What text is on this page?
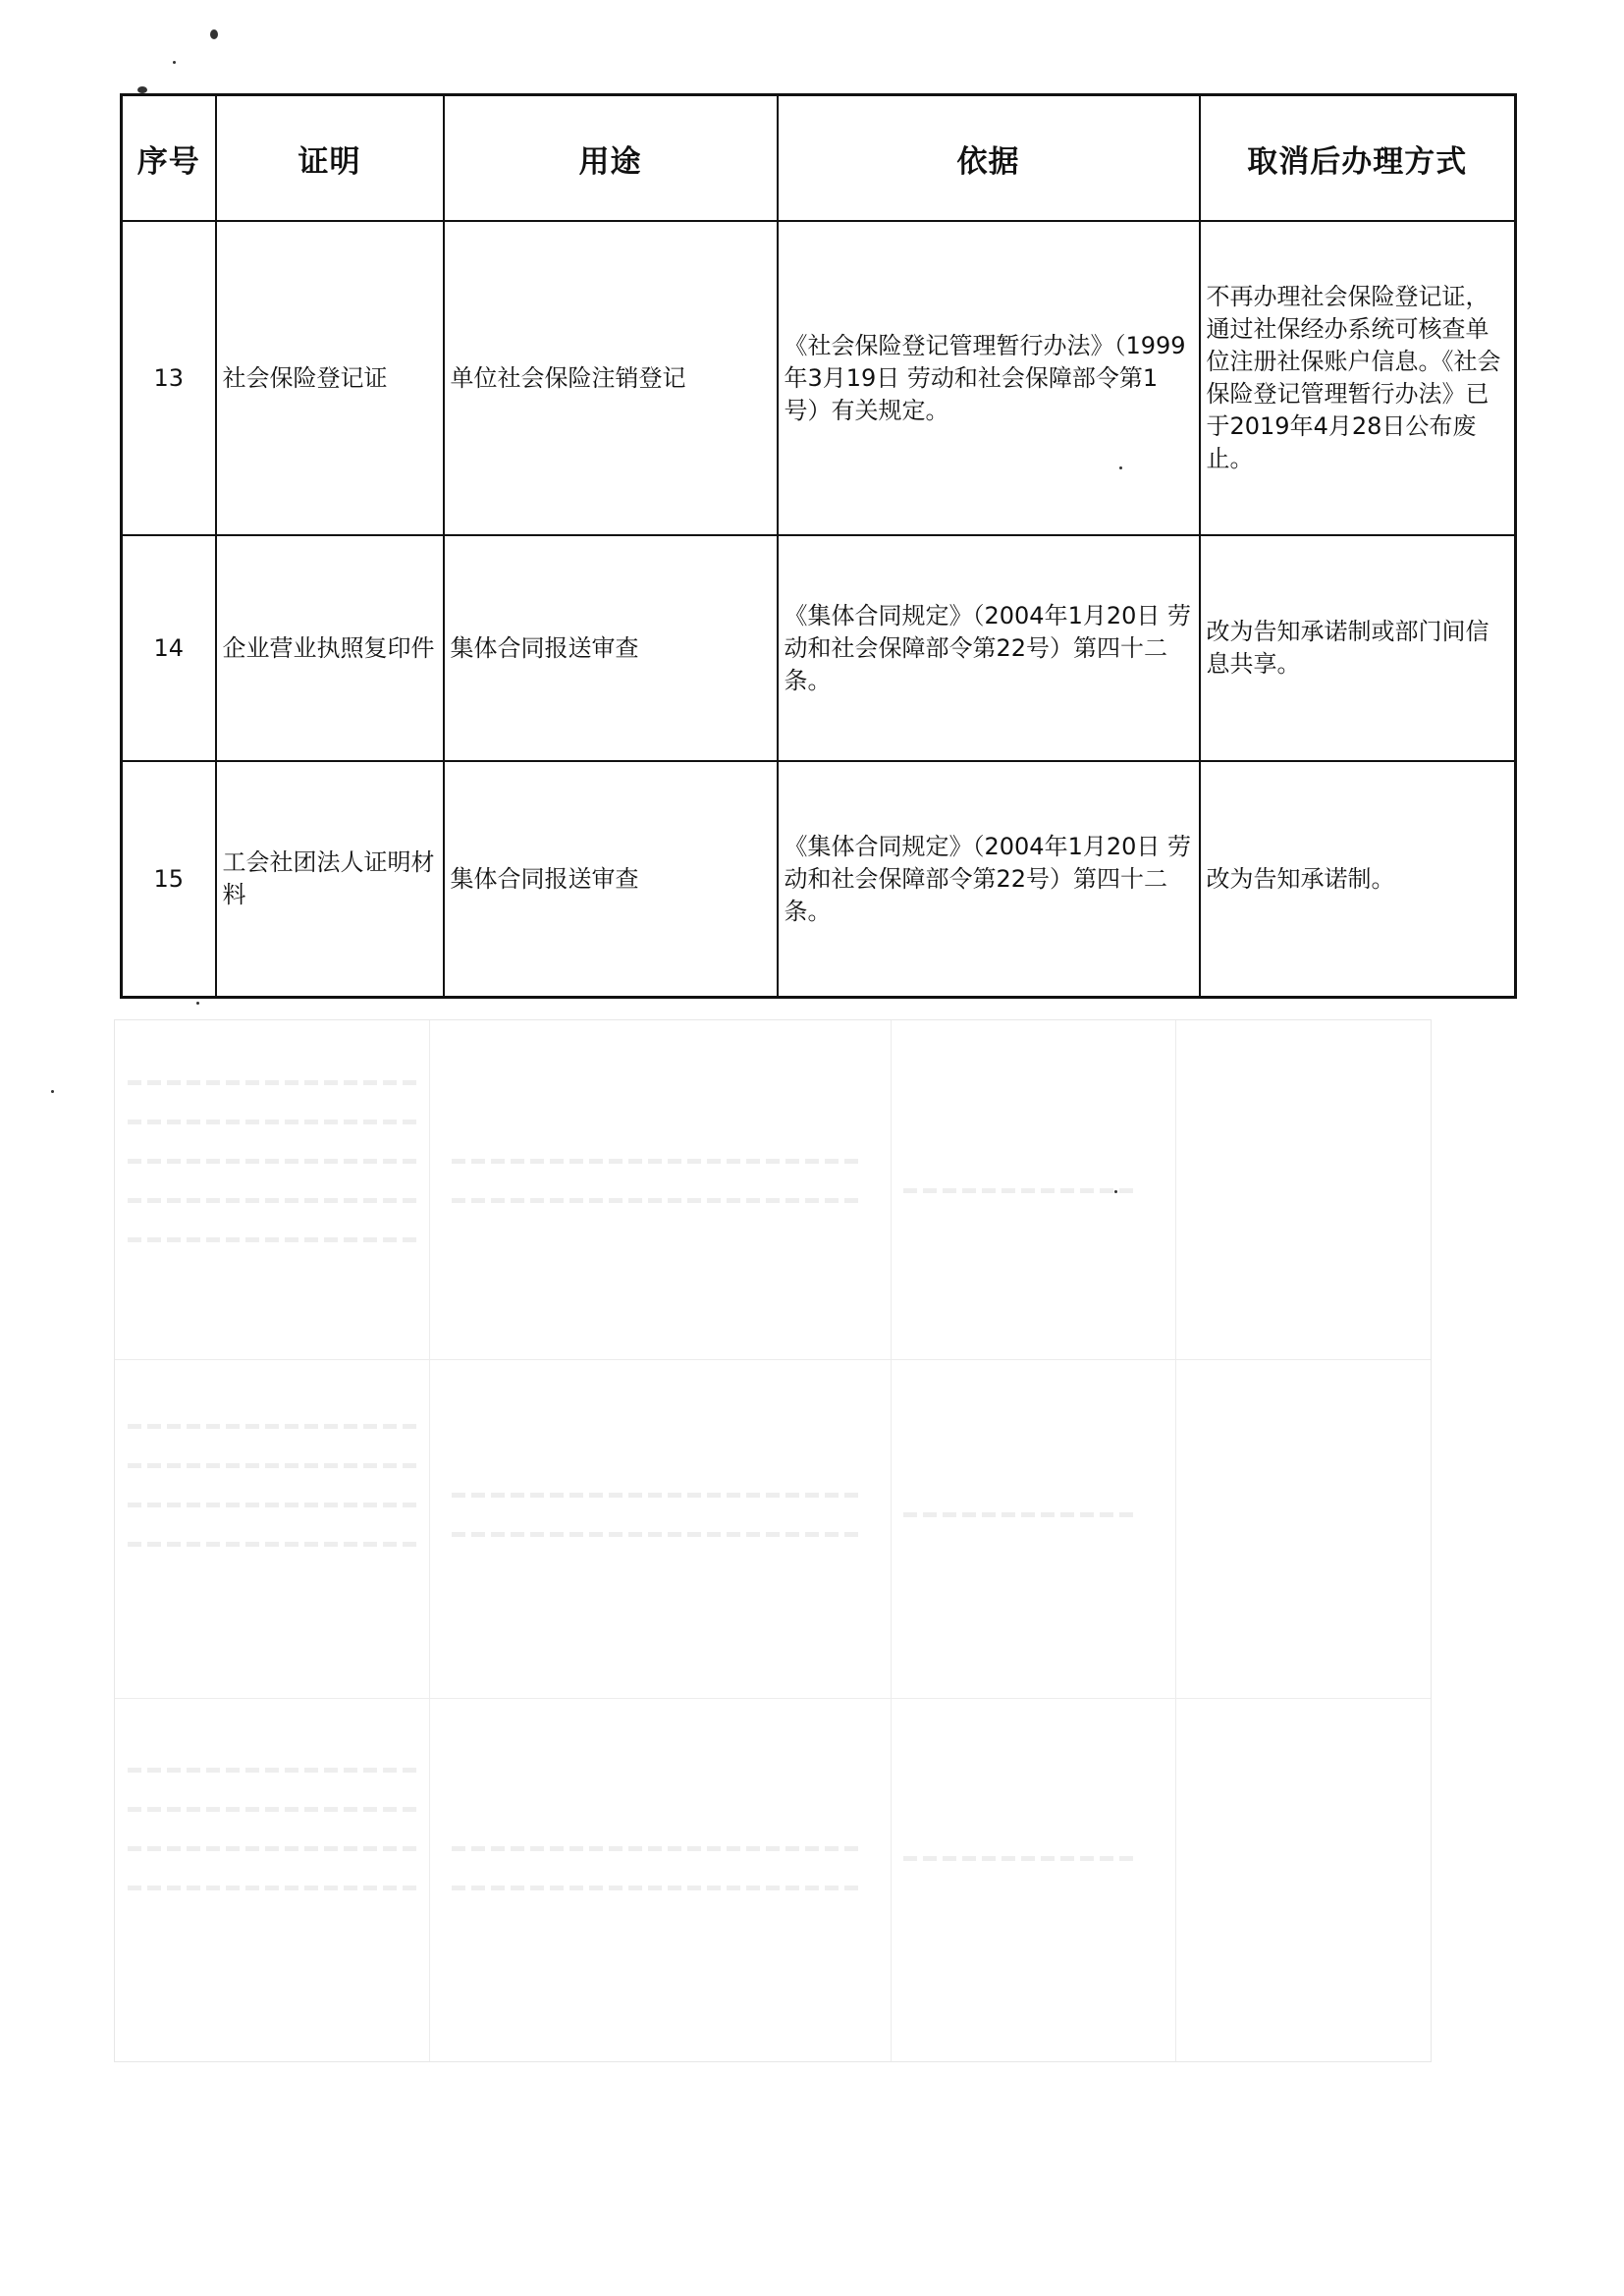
序号	证明	用途	依据	取消后办理方式
13	社会保险登记证	单位社会保险注销登记	《社会保险登记管理暂行办法》（1999年3月19日 劳动和社会保障部令第1号）有关规定。	不再办理社会保险登记证，通过社保经办系统可核查单位注册社保账户信息。《社会保险登记管理暂行办法》已于2019年4月28日公布废止。
14	企业营业执照复印件	集体合同报送审查	《集体合同规定》（2004年1月20日 劳动和社会保障部令第22号）第四十二条。	改为告知承诺制或部门间信息共享。
15	工会社团法人证明材料	集体合同报送审查	《集体合同规定》（2004年1月20日 劳动和社会保障部令第22号）第四十二条。	改为告知承诺制。
